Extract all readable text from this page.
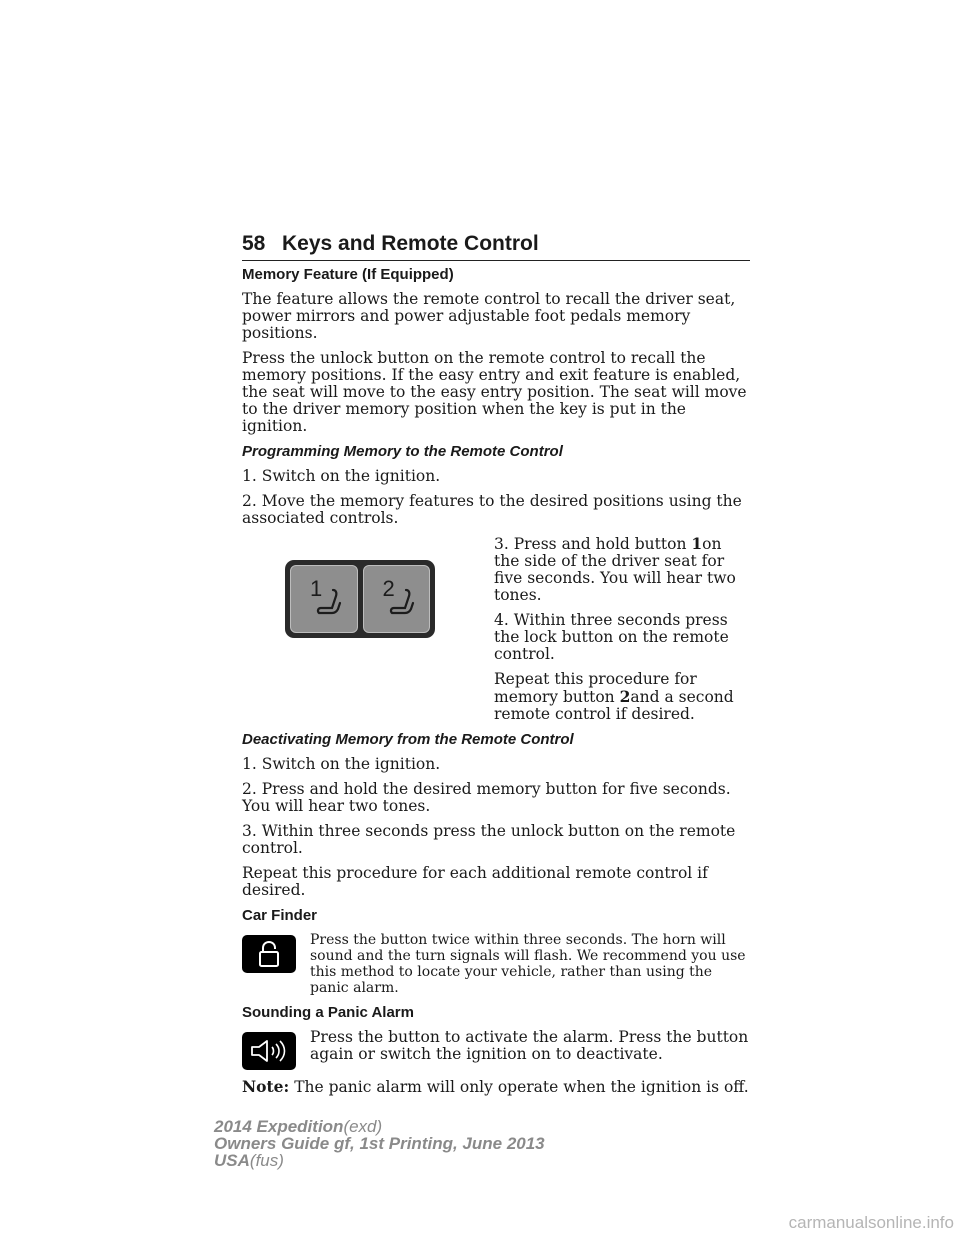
58 Keys and Remote Control
Memory Feature (If Equipped)

The feature allows the remote control to recall the driver seat, power mirrors and power adjustable foot pedals memory positions.

Press the unlock button on the remote control to recall the memory positions. If the easy entry and exit feature is enabled, the seat will move to the easy entry position. The seat will move to the driver memory position when the key is put in the ignition.

Programming Memory to the Remote Control

1. Switch on the ignition.

2. Move the memory features to the desired positions using the associated controls.

1	2

3. Press and hold button 1on the side of the driver seat for five seconds. You will hear two tones.

4. Within three seconds press the lock button on the remote control.

Repeat this procedure for memory button 2and a second remote control if desired.

Deactivating Memory from the Remote Control

1. Switch on the ignition.

2. Press and hold the desired memory button for five seconds. You will hear two tones.

3. Within three seconds press the unlock button on the remote control.

Repeat this procedure for each additional remote control if desired.

Car Finder
Press the button twice within three seconds. The horn will sound and the turn signals will flash. We recommend you use this method to locate your vehicle, rather than using the panic alarm.
Sounding a Panic Alarm
Press the button to activate the alarm. Press the button again or switch the ignition on to deactivate.

Note: The panic alarm will only operate when the ignition is off.

2014 Expedition(exd)
Owners Guide gf, 1st Printing, June 2013
USA(fus)
carmanualsonline.info
